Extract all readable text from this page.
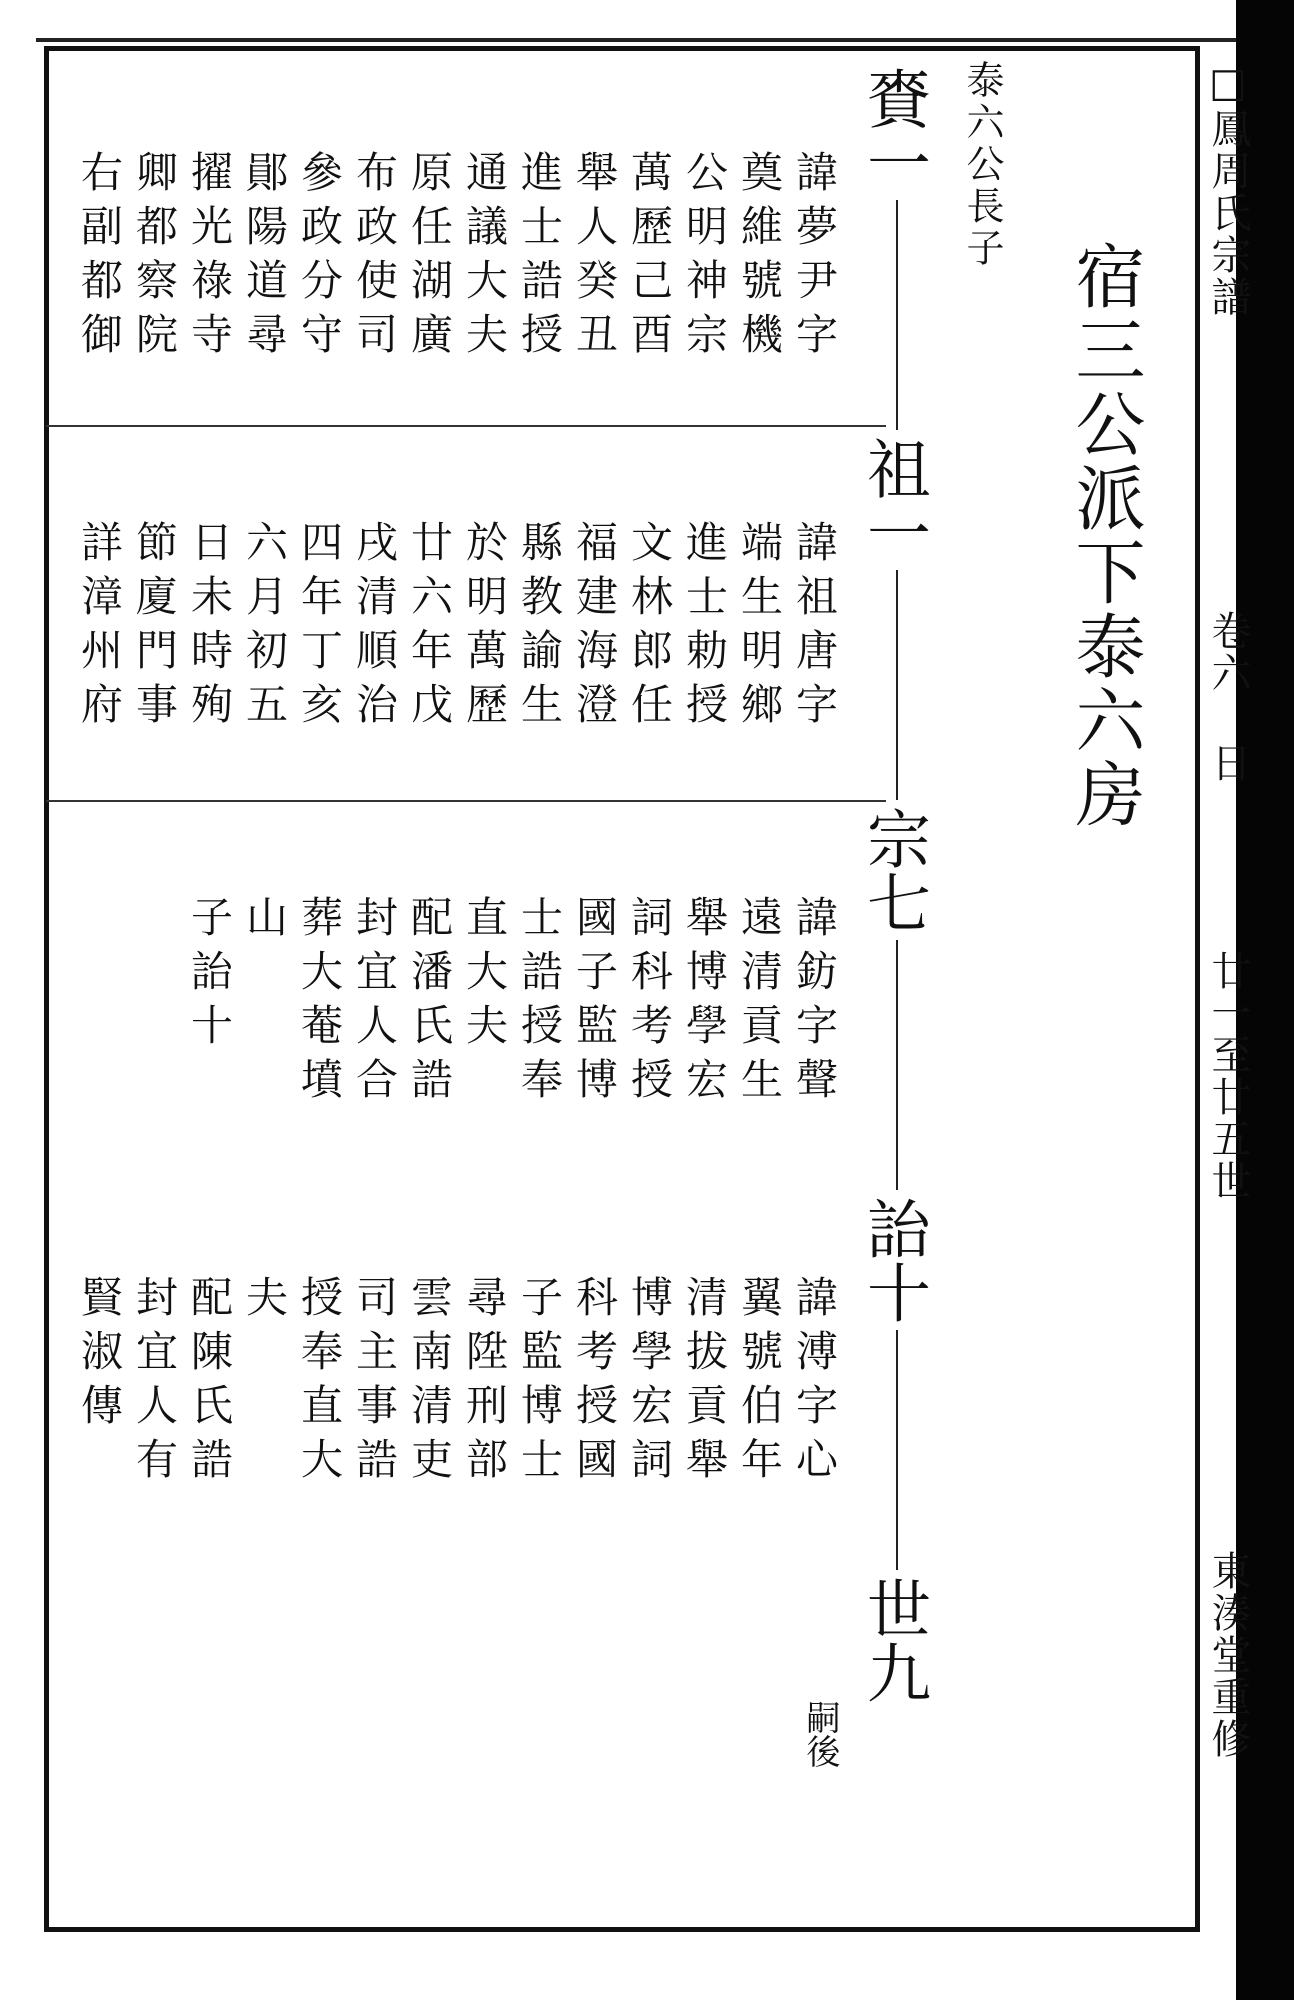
□鳳周氏宗譜
卷六 日
廿一至廿五世
東湊堂重修
宿三公派下泰六房
賚一
祖一
宗七
詒十
世九
嗣後
泰六公長子
諱夢尹字
奠維號機
公明神宗
萬歷己酉
舉人癸丑
進士誥授
通議大夫
原任湖廣
布政使司
參政分守
鄖陽道尋
擢光祿寺
卿都察院
右副都御
諱祖唐字
端生明鄉
進士勅授
文林郎任
福建海澄
縣教諭生
於明萬歷
廿六年戊
戌清順治
四年丁亥
六月初五
日未時殉
節廈門事
詳漳州府
諱鈁字聲
遠清貢生
舉博學宏
詞科考授
國子監博
士誥授奉
直大夫
配潘氏誥
封宜人合
葬大菴墳
山
子詒十
諱溥字心
翼號伯年
清拔貢舉
博學宏詞
科考授國
子監博士
尋陞刑部
雲南清吏
司主事誥
授奉直大
夫
配陳氏誥
封宜人有
賢淑傳
